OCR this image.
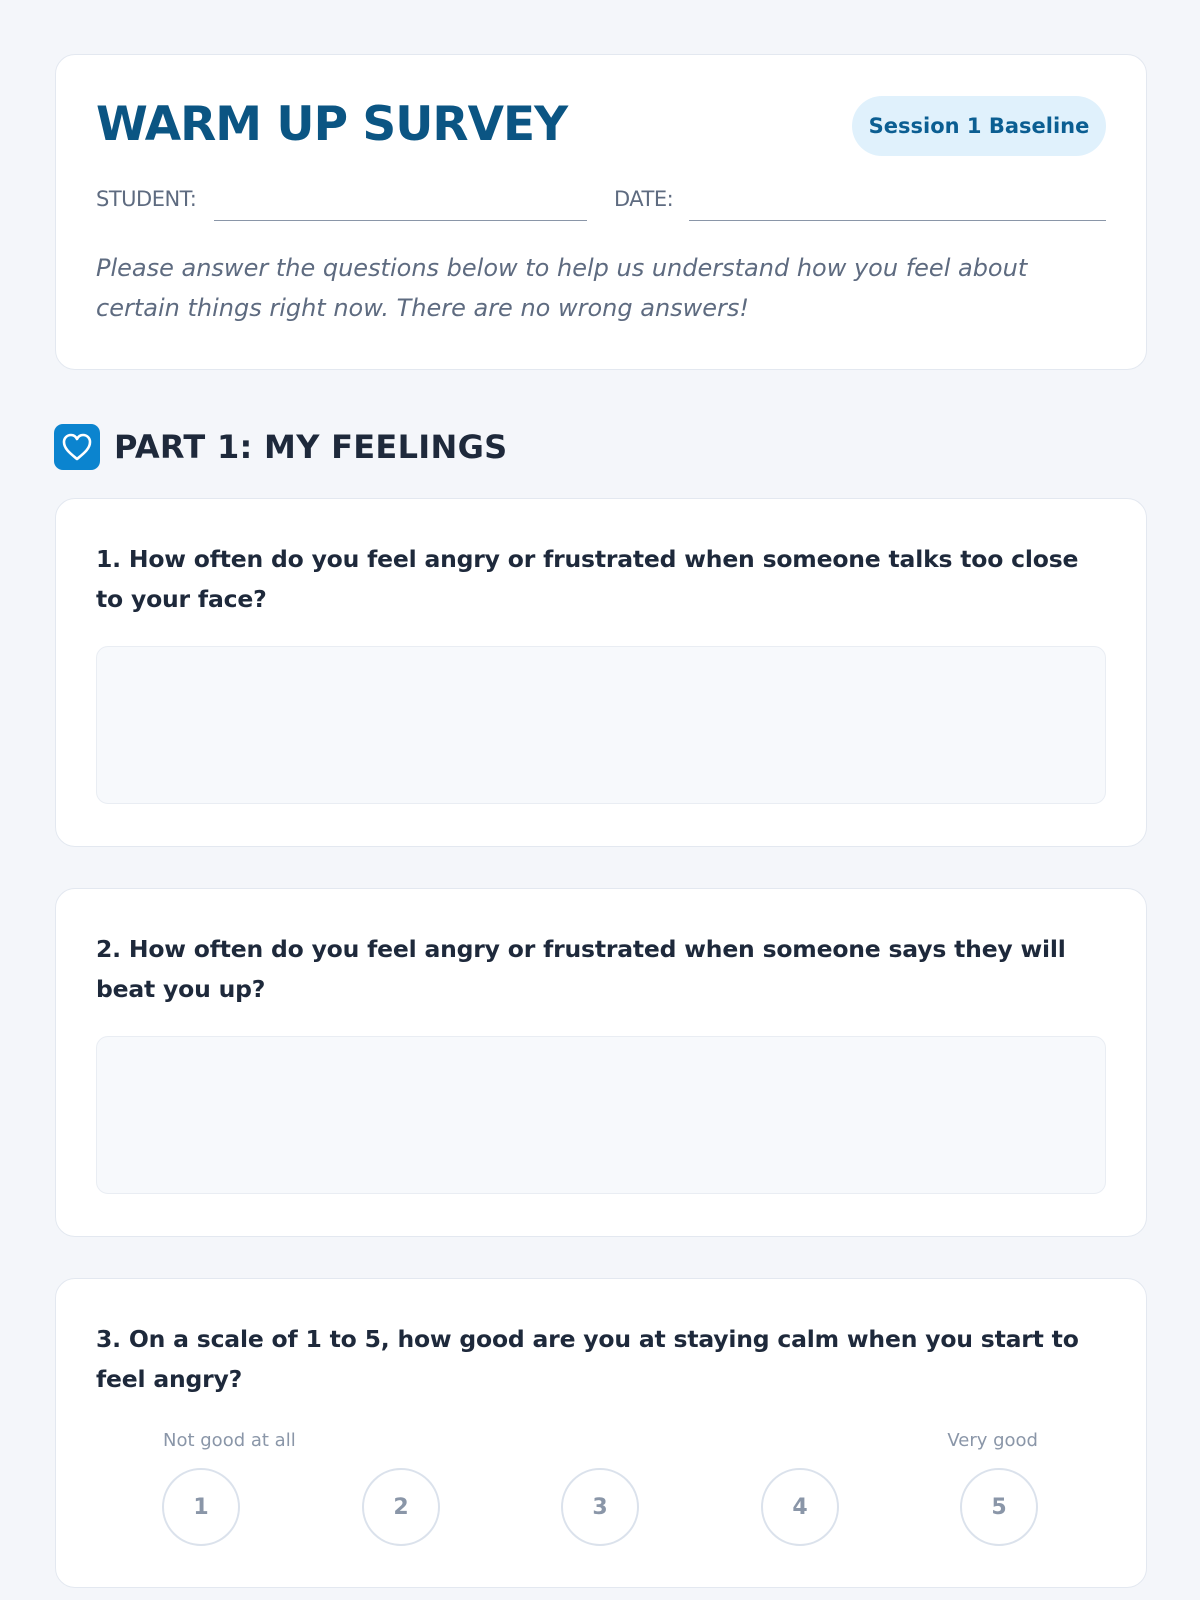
WARM UP SURVEY	Session 1 Baseline
STUDENT:	DATE:
Please answer the questions below to help us understand how you feel about certain things right now. There are no wrong answers!
PART 1: MY FEELINGS
1. How often do you feel angry or frustrated when someone talks too close to your face?
2. How often do you feel angry or frustrated when someone says they will beat you up?
3. On a scale of 1 to 5, how good are you at staying calm when you start to feel angry?
Not good at all	Very good
1	2	3	4	5
